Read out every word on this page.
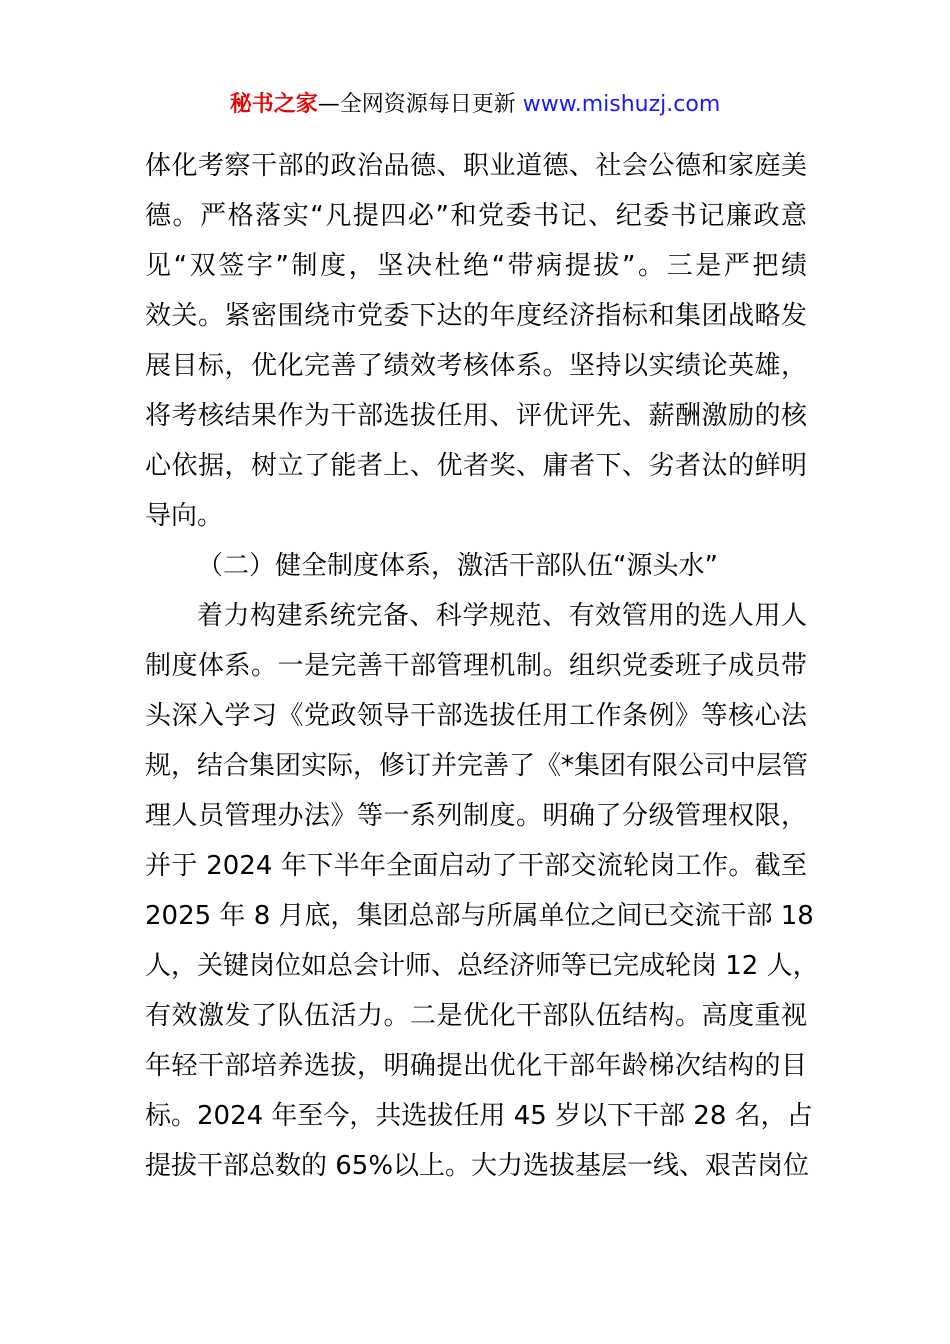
秘书之家—全网资源每日更新 www.mishuzj.com
体化考察干部的政治品德、职业道德、社会公德和家庭美
德。严格落实“凡提四必”和党委书记、纪委书记廉政意
见“双签字”制度，坚决杜绝“带病提拔”。三是严把绩
效关。紧密围绕市党委下达的年度经济指标和集团战略发
展目标，优化完善了绩效考核体系。坚持以实绩论英雄，
将考核结果作为干部选拔任用、评优评先、薪酬激励的核
心依据，树立了能者上、优者奖、庸者下、劣者汰的鲜明
导向。
（二）健全制度体系，激活干部队伍“源头水”
着力构建系统完备、科学规范、有效管用的选人用人
制度体系。一是完善干部管理机制。组织党委班子成员带
头深入学习《党政领导干部选拔任用工作条例》等核心法
规，结合集团实际，修订并完善了《*集团有限公司中层管
理人员管理办法》等一系列制度。明确了分级管理权限，
并于 2024 年下半年全面启动了干部交流轮岗工作。截至
2025 年 8 月底，集团总部与所属单位之间已交流干部 18
人，关键岗位如总会计师、总经济师等已完成轮岗 12 人，
有效激发了队伍活力。二是优化干部队伍结构。高度重视
年轻干部培养选拔，明确提出优化干部年龄梯次结构的目
标。2024 年至今，共选拔任用 45 岁以下干部 28 名，占
提拔干部总数的 65%以上。大力选拔基层一线、艰苦岗位
